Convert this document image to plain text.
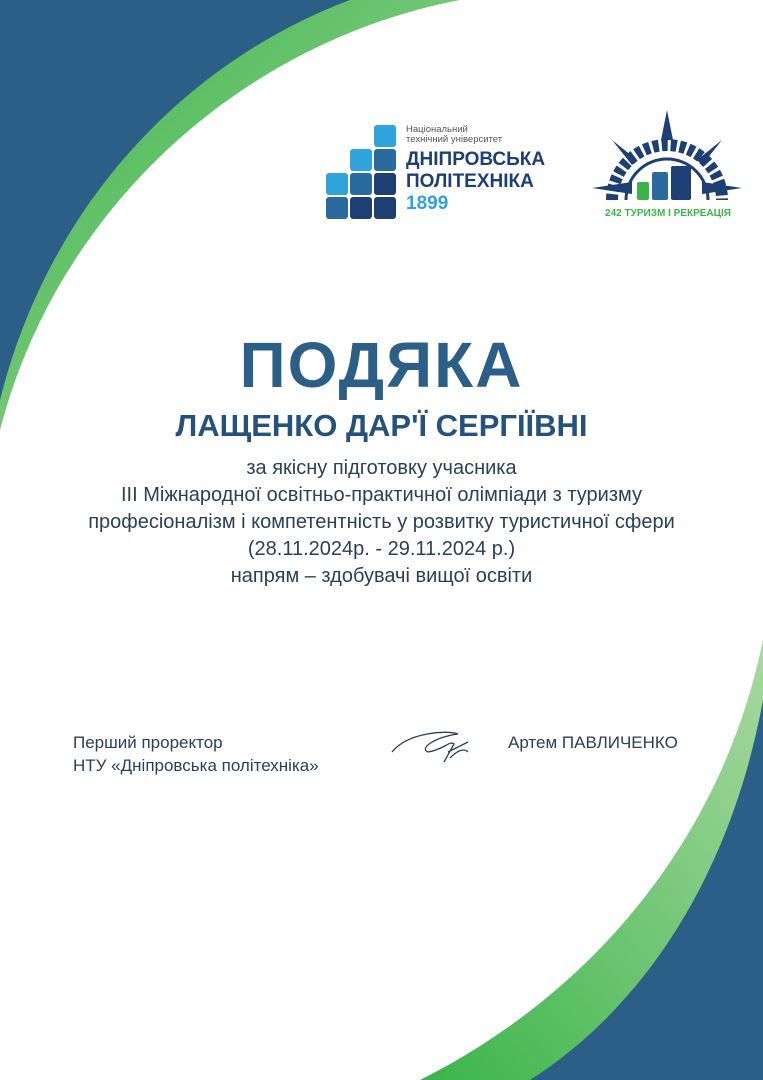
Національний
технічний університет
ДНІПРОВСЬКА
ПОЛІТЕХНІКА
1899	242 ТУРИЗМ І РЕКРЕАЦІЯ
ПОДЯКА
ЛАЩЕНКО ДАР'Ї СЕРГІЇВНІ
за якісну підготовку учасника
ІІІ Міжнародної освітньо-практичної олімпіади з туризму
професіоналізм і компетентність у розвитку туристичної сфери
(28.11.2024р. - 29.11.2024 р.)
напрям – здобувачі вищої освіти
Перший проректор
НТУ «Дніпровська політехніка»
Артем ПАВЛИЧЕНКО
